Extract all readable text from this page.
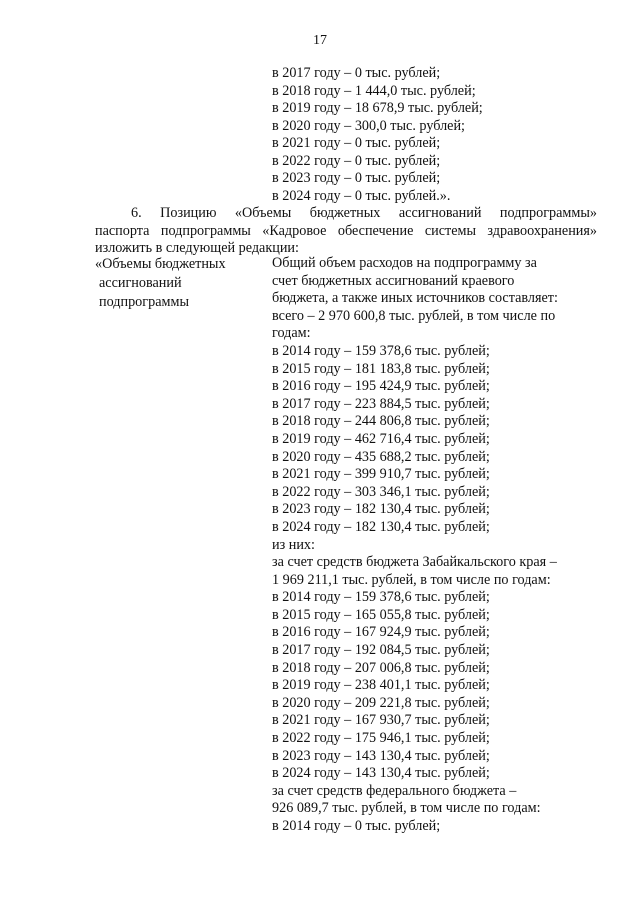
17
в 2017 году – 0 тыс. рублей;
в 2018 году – 1 444,0 тыс. рублей;
в 2019 году – 18 678,9 тыс. рублей;
в 2020 году – 300,0 тыс. рублей;
в 2021 году – 0 тыс. рублей;
в 2022 году – 0 тыс. рублей;
в 2023 году – 0 тыс. рублей;
в 2024 году – 0 тыс. рублей.».
6. Позицию «Объемы бюджетных ассигнований подпрограммы»
паспорта подпрограммы «Кадровое обеспечение системы здравоохранения»
изложить в следующей редакции:
«Объемы бюджетных
ассигнований
подпрограммы
Общий объем расходов на подпрограмму за
счет бюджетных ассигнований краевого
бюджета, а также иных источников составляет:
всего – 2 970 600,8 тыс. рублей, в том числе по
годам:
в 2014 году – 159 378,6 тыс. рублей;
в 2015 году – 181 183,8 тыс. рублей;
в 2016 году – 195 424,9 тыс. рублей;
в 2017 году – 223 884,5 тыс. рублей;
в 2018 году – 244 806,8 тыс. рублей;
в 2019 году – 462 716,4 тыс. рублей;
в 2020 году – 435 688,2 тыс. рублей;
в 2021 году – 399 910,7 тыс. рублей;
в 2022 году – 303 346,1 тыс. рублей;
в 2023 году – 182 130,4 тыс. рублей;
в 2024 году – 182 130,4 тыс. рублей;
из них:
за счет средств бюджета Забайкальского края –
1 969 211,1 тыс. рублей, в том числе по годам:
в 2014 году – 159 378,6 тыс. рублей;
в 2015 году – 165 055,8 тыс. рублей;
в 2016 году – 167 924,9 тыс. рублей;
в 2017 году – 192 084,5 тыс. рублей;
в 2018 году – 207 006,8 тыс. рублей;
в 2019 году – 238 401,1 тыс. рублей;
в 2020 году – 209 221,8 тыс. рублей;
в 2021 году – 167 930,7 тыс. рублей;
в 2022 году – 175 946,1 тыс. рублей;
в 2023 году – 143 130,4 тыс. рублей;
в 2024 году – 143 130,4 тыс. рублей;
за счет средств федерального бюджета –
926 089,7 тыс. рублей, в том числе по годам:
в 2014 году – 0 тыс. рублей;
